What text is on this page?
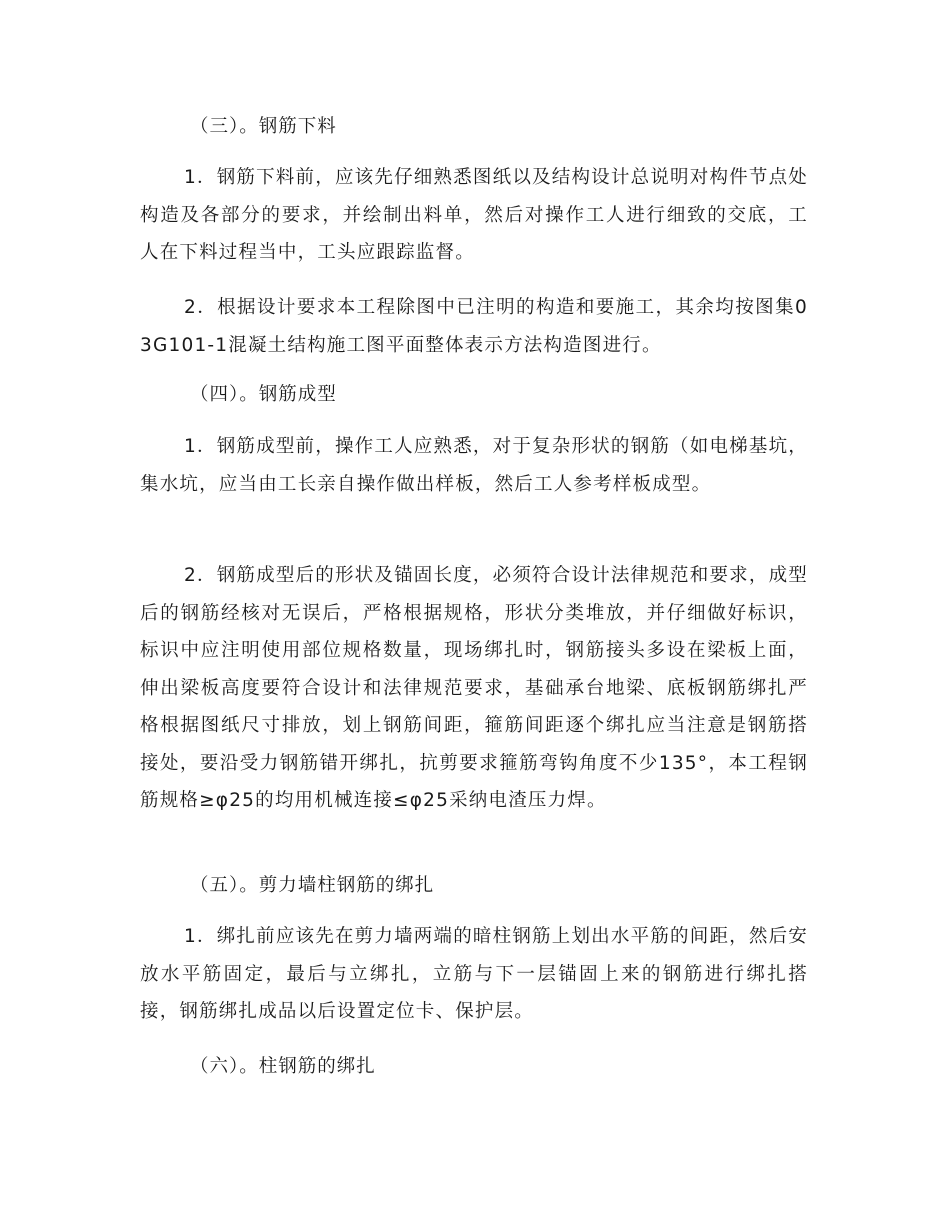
（三）。钢筋下料

1．钢筋下料前，应该先仔细熟悉图纸以及结构设计总说明对构件节点处构造及各部分的要求，并绘制出料单，然后对操作工人进行细致的交底，工人在下料过程当中，工头应跟踪监督。

2．根据设计要求本工程除图中已注明的构造和要施工，其余均按图集03G101-1混凝土结构施工图平面整体表示方法构造图进行。

（四）。钢筋成型

1．钢筋成型前，操作工人应熟悉，对于复杂形状的钢筋（如电梯基坑，集水坑，应当由工长亲自操作做出样板，然后工人参考样板成型。

2．钢筋成型后的形状及锚固长度，必须符合设计法律规范和要求，成型后的钢筋经核对无误后，严格根据规格，形状分类堆放，并仔细做好标识，标识中应注明使用部位规格数量，现场绑扎时，钢筋接头多设在梁板上面，伸出梁板高度要符合设计和法律规范要求，基础承台地梁、底板钢筋绑扎严格根据图纸尺寸排放，划上钢筋间距，箍筋间距逐个绑扎应当注意是钢筋搭接处，要沿受力钢筋错开绑扎，抗剪要求箍筋弯钩角度不少135°，本工程钢筋规格≥φ25的均用机械连接≤φ25采纳电渣压力焊。

（五）。剪力墙柱钢筋的绑扎

1．绑扎前应该先在剪力墙两端的暗柱钢筋上划出水平筋的间距，然后安放水平筋固定，最后与立绑扎，立筋与下一层锚固上来的钢筋进行绑扎搭接，钢筋绑扎成品以后设置定位卡、保护层。

（六）。柱钢筋的绑扎
